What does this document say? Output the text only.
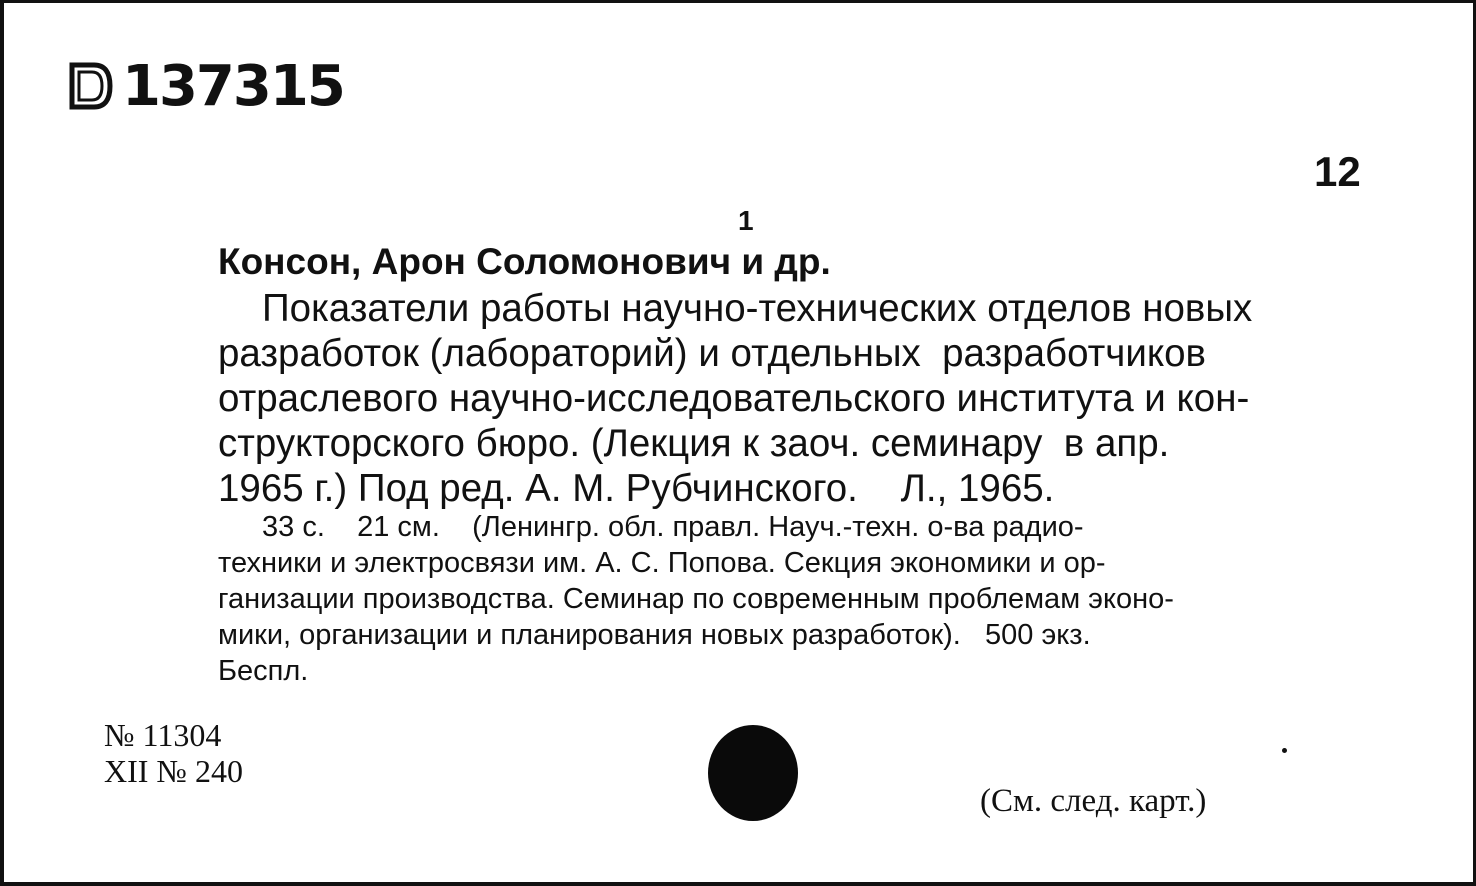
137315
12
1
Консон, Арон Соломонович и др.
Показатели работы научно-технических отделов новых
разработок (лабораторий) и отдельных  разработчиков
отраслевого научно-исследовательского института и кон-
структорского бюро. (Лекция к заоч. семинару  в апр.
1965 г.) Под ред. А. М. Рубчинского.    Л., 1965.
33 с.    21 см.    (Ленингр. обл. правл. Науч.-техн. о-ва радио-
техники и электросвязи им. А. С. Попова. Секция экономики и ор-
ганизации производства. Семинар по современным проблемам эконо-
мики, организации и планирования новых разработок).   500 экз.
Беспл.
№ 11304
XII № 240
(См. след. карт.)
